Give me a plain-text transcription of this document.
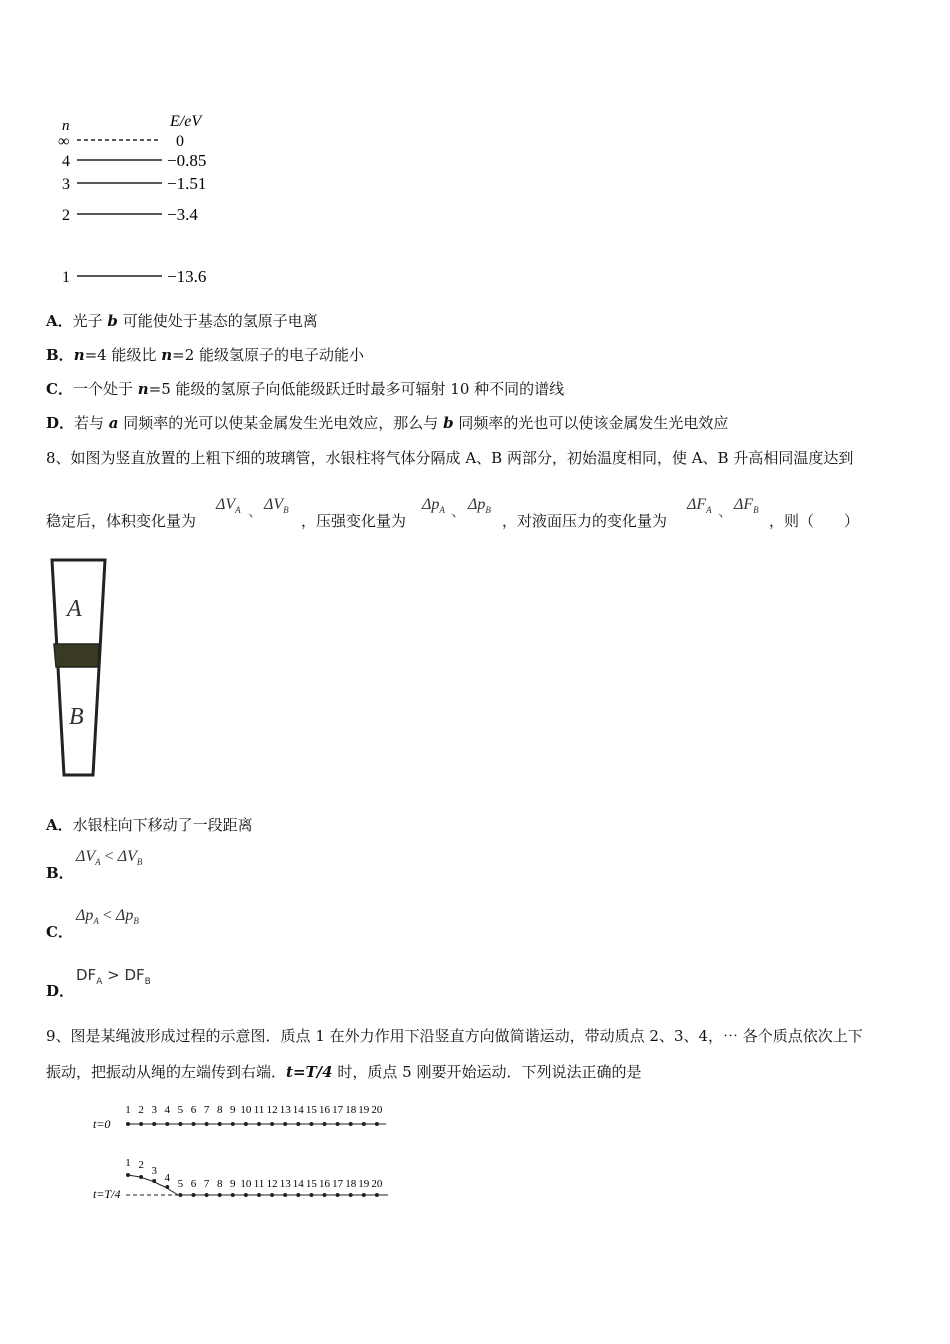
n	E/eV
∞	0
4	−0.85
3	−1.51
2	−3.4
1	−13.6
A．光子 b 可能使处于基态的氢原子电离
B．n=4 能级比 n=2 能级氢原子的电子动能小
C．一个处于 n=5 能级的氢原子向低能级跃迁时最多可辐射 10 种不同的谱线
D．若与 a 同频率的光可以使某金属发生光电效应，那么与 b 同频率的光也可以使该金属发生光电效应
8、如图为竖直放置的上粗下细的玻璃管，水银柱将气体分隔成 A、B 两部分，初始温度相同，使 A、B 升高相同温度达到
稳定后，体积变化量为
$\Delta V_A$ 、 $\Delta V_B$
，压强变化量为
$\Delta p_A$ 、 $\Delta p_B$
，对液面压力的变化量为
$\Delta F_A$ 、 $\Delta F_B$
，则（　　）
A
B
A．水银柱向下移动了一段距离
B．
$\Delta V_A < \Delta V_B$
C．
$\Delta p_A < \Delta p_B$
D．
$DF_A > DF_B$
9、图是某绳波形成过程的示意图．质点 1 在外力作用下沿竖直方向做简谐运动，带动质点 2、3、4，⋯ 各个质点依次上下
振动，把振动从绳的左端传到右端．t=T/4 时，质点 5 刚要开始运动．下列说法正确的是
t=0
1 2 3 4 5 6 7 8 9 10 11 12 13 14 15 16 17 18 19 20
t=T/4
1 2 3
4 5 6 7 8 9 10 11 12 13 14 15 16 17 18 19 20
